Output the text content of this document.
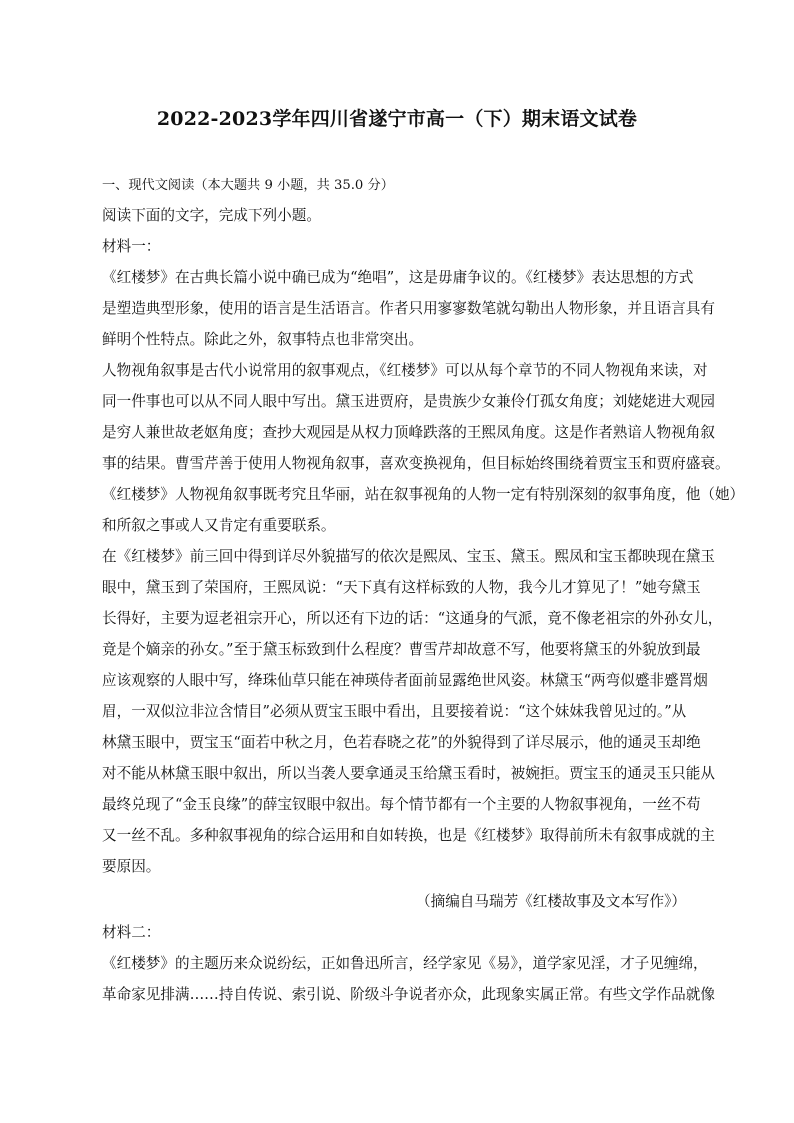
2022-2023学年四川省遂宁市高一（下）期末语文试卷
一、现代文阅读（本大题共 9 小题，共 35.0 分）
阅读下面的文字，完成下列小题。
材料一：
《红楼梦》在古典长篇小说中确已成为“绝唱”，这是毋庸争议的。《红楼梦》表达思想的方式
是塑造典型形象，使用的语言是生活语言。作者只用寥寥数笔就勾勒出人物形象，并且语言具有
鲜明个性特点。除此之外，叙事特点也非常突出。
人物视角叙事是古代小说常用的叙事观点，《红楼梦》可以从每个章节的不同人物视角来读，对
同一件事也可以从不同人眼中写出。黛玉进贾府，是贵族少女兼伶仃孤女角度；刘姥姥进大观园
是穷人兼世故老妪角度；查抄大观园是从权力顶峰跌落的王熙凤角度。这是作者熟谙人物视角叙
事的结果。曹雪芹善于使用人物视角叙事，喜欢变换视角，但目标始终围绕着贾宝玉和贾府盛衰。
《红楼梦》人物视角叙事既考究且华丽，站在叙事视角的人物一定有特别深刻的叙事角度，他（她）
和所叙之事或人又肯定有重要联系。
在《红楼梦》前三回中得到详尽外貌描写的依次是熙凤、宝玉、黛玉。熙凤和宝玉都映现在黛玉
眼中，黛玉到了荣国府，王熙凤说：“天下真有这样标致的人物，我今儿才算见了！”她夸黛玉
长得好，主要为逗老祖宗开心，所以还有下边的话：“这通身的气派，竟不像老祖宗的外孙女儿，
竟是个嫡亲的孙女。”至于黛玉标致到什么程度？曹雪芹却故意不写，他要将黛玉的外貌放到最
应该观察的人眼中写，绛珠仙草只能在神瑛侍者面前显露绝世风姿。林黛玉“两弯似蹙非蹙罥烟
眉，一双似泣非泣含情目”必须从贾宝玉眼中看出，且要接着说：“这个妹妹我曾见过的。”从
林黛玉眼中，贾宝玉“面若中秋之月，色若春晓之花”的外貌得到了详尽展示，他的通灵玉却绝
对不能从林黛玉眼中叙出，所以当袭人要拿通灵玉给黛玉看时，被婉拒。贾宝玉的通灵玉只能从
最终兑现了“金玉良缘”的薛宝钗眼中叙出。每个情节都有一个主要的人物叙事视角，一丝不苟
又一丝不乱。多种叙事视角的综合运用和自如转换，也是《红楼梦》取得前所未有叙事成就的主
要原因。
（摘编自马瑞芳《红楼故事及文本写作》）
材料二：
《红楼梦》的主题历来众说纷纭，正如鲁迅所言，经学家见《易》，道学家见淫，才子见缠绵，
革命家见排满……持自传说、索引说、阶级斗争说者亦众，此现象实属正常。有些文学作品就像
